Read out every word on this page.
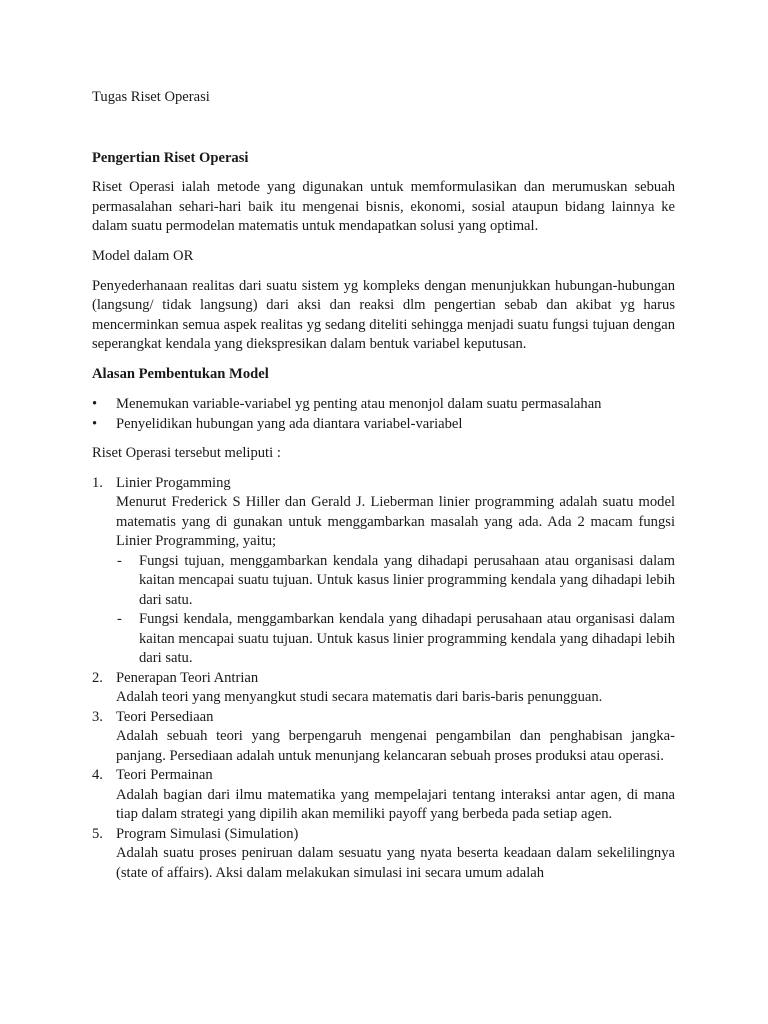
Tugas Riset Operasi

Pengertian Riset Operasi

Riset Operasi ialah metode yang digunakan untuk memformulasikan dan merumuskan sebuah permasalahan sehari-hari baik itu mengenai bisnis, ekonomi, sosial ataupun bidang lainnya ke dalam suatu permodelan matematis untuk mendapatkan solusi yang optimal.

Model dalam OR

Penyederhanaan realitas dari suatu sistem yg kompleks dengan menunjukkan hubungan-hubungan (langsung/ tidak langsung) dari aksi dan reaksi dlm pengertian sebab dan akibat yg harus mencerminkan semua aspek realitas yg sedang diteliti sehingga menjadi suatu fungsi tujuan dengan seperangkat kendala yang diekspresikan dalam bentuk variabel keputusan.

Alasan Pembentukan Model

• Menemukan variable-variabel yg penting atau menonjol dalam suatu permasalahan
• Penyelidikan hubungan yang ada diantara variabel-variabel

Riset Operasi tersebut meliputi :

1. Linier Progamming
Menurut Frederick S Hiller dan Gerald J. Lieberman linier programming adalah suatu model matematis yang di gunakan untuk menggambarkan masalah yang ada. Ada 2 macam fungsi Linier Programming, yaitu;
- Fungsi tujuan, menggambarkan kendala yang dihadapi perusahaan atau organisasi dalam kaitan mencapai suatu tujuan. Untuk kasus linier programming kendala yang dihadapi lebih dari satu.
- Fungsi kendala, menggambarkan kendala yang dihadapi perusahaan atau organisasi dalam kaitan mencapai suatu tujuan. Untuk kasus linier programming kendala yang dihadapi lebih dari satu.
2. Penerapan Teori Antrian
Adalah teori yang menyangkut studi secara matematis dari baris-baris penungguan.
3. Teori Persediaan
Adalah sebuah teori yang berpengaruh mengenai pengambilan dan penghabisan jangka-panjang. Persediaan adalah untuk menunjang kelancaran sebuah proses produksi atau operasi.
4. Teori Permainan
Adalah bagian dari ilmu matematika yang mempelajari tentang interaksi antar agen, di mana tiap dalam strategi yang dipilih akan memiliki payoff yang berbeda pada setiap agen.
5. Program Simulasi (Simulation)
Adalah suatu proses peniruan dalam sesuatu yang nyata beserta keadaan dalam sekelilingnya (state of affairs). Aksi dalam melakukan simulasi ini secara umum adalah
